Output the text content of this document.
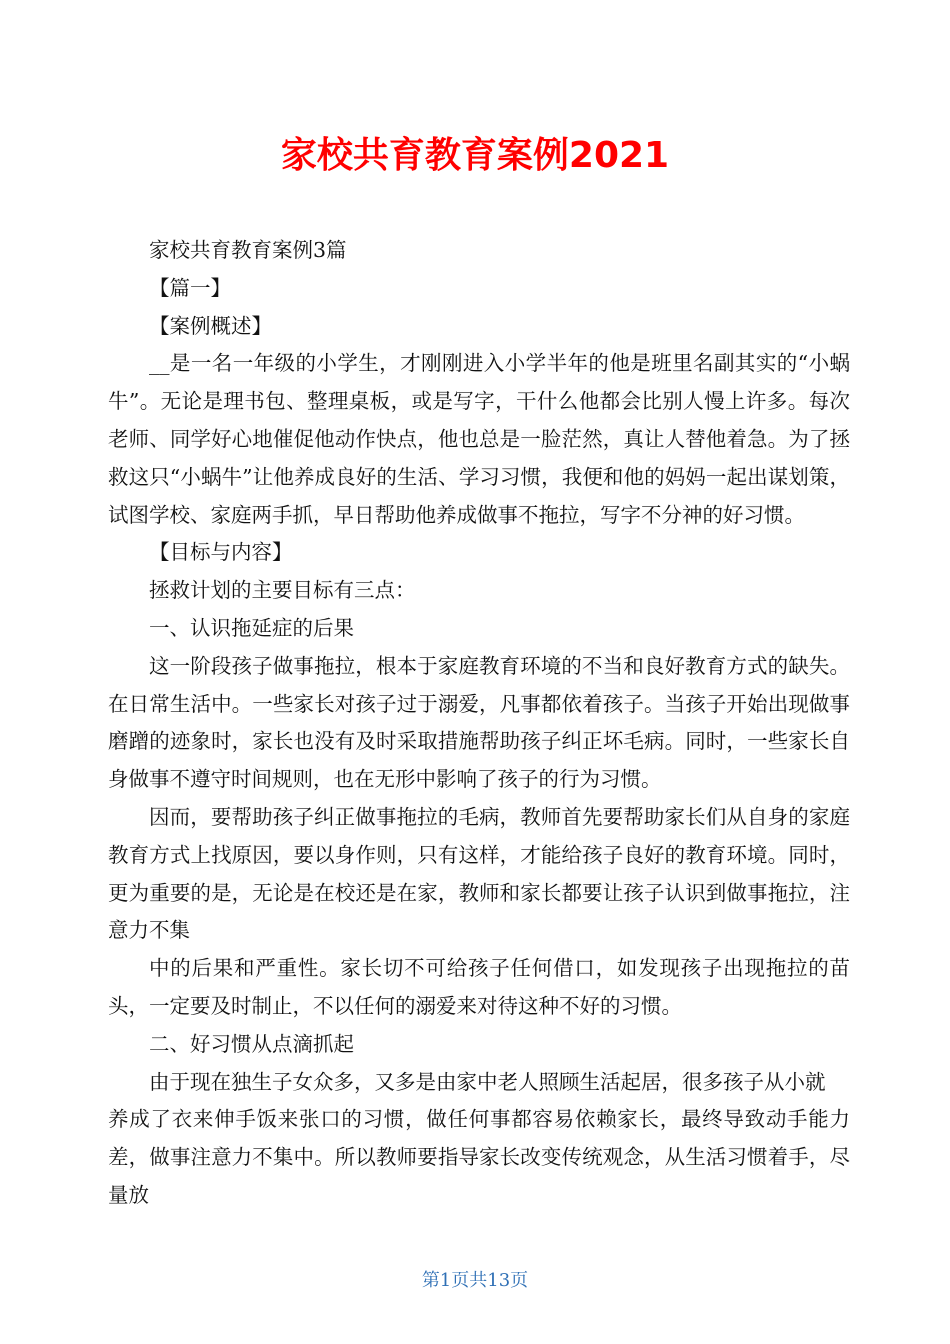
家校共育教育案例2021

家校共育教育案例3篇

【篇一】

【案例概述】

__是一名一年级的小学生，才刚刚进入小学半年的他是班里名副其实的“小蜗牛”。无论是理书包、整理桌板，或是写字，干什么他都会比别人慢上许多。每次老师、同学好心地催促他动作快点，他也总是一脸茫然，真让人替他着急。为了拯救这只“小蜗牛”让他养成良好的生活、学习习惯，我便和他的妈妈一起出谋划策，试图学校、家庭两手抓，早日帮助他养成做事不拖拉，写字不分神的好习惯。

【目标与内容】

拯救计划的主要目标有三点：

一、认识拖延症的后果

这一阶段孩子做事拖拉，根本于家庭教育环境的不当和良好教育方式的缺失。在日常生活中。一些家长对孩子过于溺爱，凡事都依着孩子。当孩子开始出现做事磨蹭的迹象时，家长也没有及时采取措施帮助孩子纠正坏毛病。同时，一些家长自身做事不遵守时间规则，也在无形中影响了孩子的行为习惯。

因而，要帮助孩子纠正做事拖拉的毛病，教师首先要帮助家长们从自身的家庭教育方式上找原因，要以身作则，只有这样，才能给孩子良好的教育环境。同时，更为重要的是，无论是在校还是在家，教师和家长都要让孩子认识到做事拖拉，注意力不集

中的后果和严重性。家长切不可给孩子任何借口，如发现孩子出现拖拉的苗头，一定要及时制止，不以任何的溺爱来对待这种不好的习惯。

二、好习惯从点滴抓起

由于现在独生子女众多，又多是由家中老人照顾生活起居，很多孩子从小就

养成了衣来伸手饭来张口的习惯，做任何事都容易依赖家长，最终导致动手能力差，做事注意力不集中。所以教师要指导家长改变传统观念，从生活习惯着手，尽量放

第1页共13页
